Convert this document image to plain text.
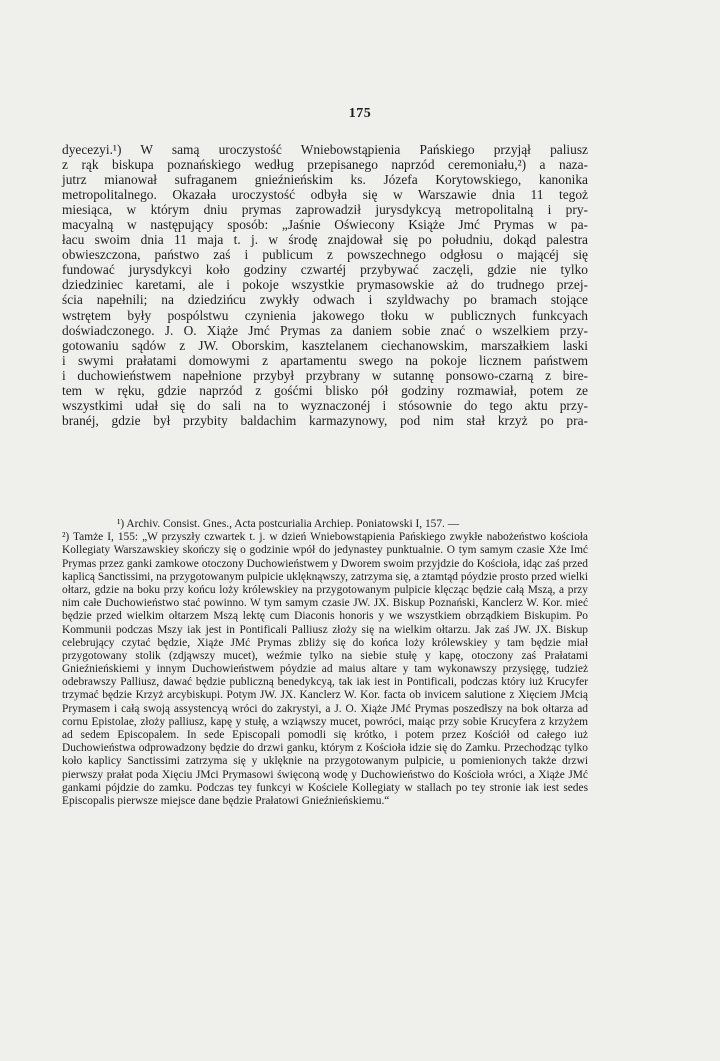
175
dyecezyi.¹) W samą uroczystość Wniebowstąpienia Pańskiego przyjął paliusz
z rąk biskupa poznańskiego według przepisanego naprzód ceremoniału,²) a naza-
jutrz mianował sufraganem gnieźnieńskim ks. Józefa Korytowskiego, kanonika
metropolitalnego. Okazała uroczystość odbyła się w Warszawie dnia 11 tegoż
miesiąca, w którym dniu prymas zaprowadził jurysdykcyą metropolitalną i pry-
macyalną w następujący sposób: „Jaśnie Oświecony Książe Jmć Prymas w pa-
łacu swoim dnia 11 maja t. j. w środę znajdował się po południu, dokąd palestra
obwieszczona, państwo zaś i publicum z powszechnego odgłosu o mającéj się
fundować jurysdykcyi koło godziny czwartéj przybywać zaczęli, gdzie nie tylko
dziedziniec karetami, ale i pokoje wszystkie prymasowskie aż do trudnego przej-
ścia napełnili; na dziedzińcu zwykły odwach i szyldwachy po bramach stojące
wstrętem były pospólstwu czynienia jakowego tłoku w publicznych funkcyach
doświadczonego. J. O. Xiąże Jmć Prymas za daniem sobie znać o wszelkiem przy-
gotowaniu sądów z JW. Oborskim, kasztelanem ciechanowskim, marszałkiem laski
i swymi prałatami domowymi z apartamentu swego na pokoje licznem państwem
i duchowieństwem napełnione przybył przybrany w sutannę ponsowo-czarną z bire-
tem w ręku, gdzie naprzód z gośćmi blisko pół godziny rozmawiał, potem ze
wszystkimi udał się do sali na to wyznaczonéj i stósownie do tego aktu przy-
branéj, gdzie był przybity baldachim karmazynowy, pod nim stał krzyż po pra-
¹) Archiv. Consist. Gnes., Acta postcurialia Archiep. Poniatowski I, 157. —
²) Tamże I, 155: „W przyszły czwartek t. j. w dzień Wniebowstąpienia Pańskiego zwykłe nabożeństwo kościoła Kollegiaty Warszawskiey skończy się o godzinie wpół do jedynastey punktualnie. O tym samym czasie Xże Imć Prymas przez ganki zamkowe otoczony Duchowieństwem y Dworem swoim przyjdzie do Kościoła, idąc zaś przed kaplicą Sanctissimi, na przygotowanym pulpicie uklęknąwszy, zatrzyma się, a ztamtąd póydzie prosto przed wielki ołtarz, gdzie na boku przy końcu loży królewskiey na przygotowanym pulpicie klęcząc będzie całą Mszą, a przy nim całe Duchowieństwo stać powinno. W tym samym czasie JW. JX. Biskup Poznański, Kanclerz W. Kor. mieć będzie przed wielkim ołtarzem Mszą lektę cum Diaconis honoris y we wszystkiem obrządkiem Biskupim. Po Kommunii podczas Mszy iak jest in Pontificali Palliusz złoży się na wielkim ołtarzu. Jak zaś JW. JX. Biskup celebrujący czytać będzie, Xiąże JMć Prymas zbliży się do końca loży królewskiey y tam będzie miał przygotowany stolik (zdjąwszy mucet), weźmie tylko na siebie stułę y kapę, otoczony zaś Prałatami Gnieźnieńskiemi y innym Duchowieństwem póydzie ad maius altare y tam wykonawszy przysięgę, tudzież odebrawszy Palliusz, dawać będzie publiczną benedykcyą, tak iak iest in Pontificali, podczas który iuż Krucyfer trzymać będzie Krzyż arcybiskupi. Potym JW. JX. Kanclerz W. Kor. facta ob invicem salutione z Xięciem JMcią Prymasem i całą swoją assystencyą wróci do zakrystyi, a J. O. Xiąże JMć Prymas poszedłszy na bok ołtarza ad cornu Epistolae, złoży palliusz, kapę y stułę, a wziąwszy mucet, powróci, maiąc przy sobie Krucyfera z krzyżem ad sedem Episcopalem. In sede Episcopali pomodli się krótko, i potem przez Kościół od całego iuż Duchowieństwa odprowadzony będzie do drzwi ganku, którym z Kościoła idzie się do Zamku. Przechodząc tylko koło kaplicy Sanctissimi zatrzyma się y uklęknie na przygotowanym pulpicie, u pomienionych także drzwi pierwszy prałat poda Xięciu JMci Prymasowi święconą wodę y Duchowieństwo do Kościoła wróci, a Xiąże JMć gankami pójdzie do zamku. Podczas tey funkcyi w Kościele Kollegiaty w stallach po tey stronie iak iest sedes Episcopalis pierwsze miejsce dane będzie Prałatowi Gnieźnieńskiemu.“
